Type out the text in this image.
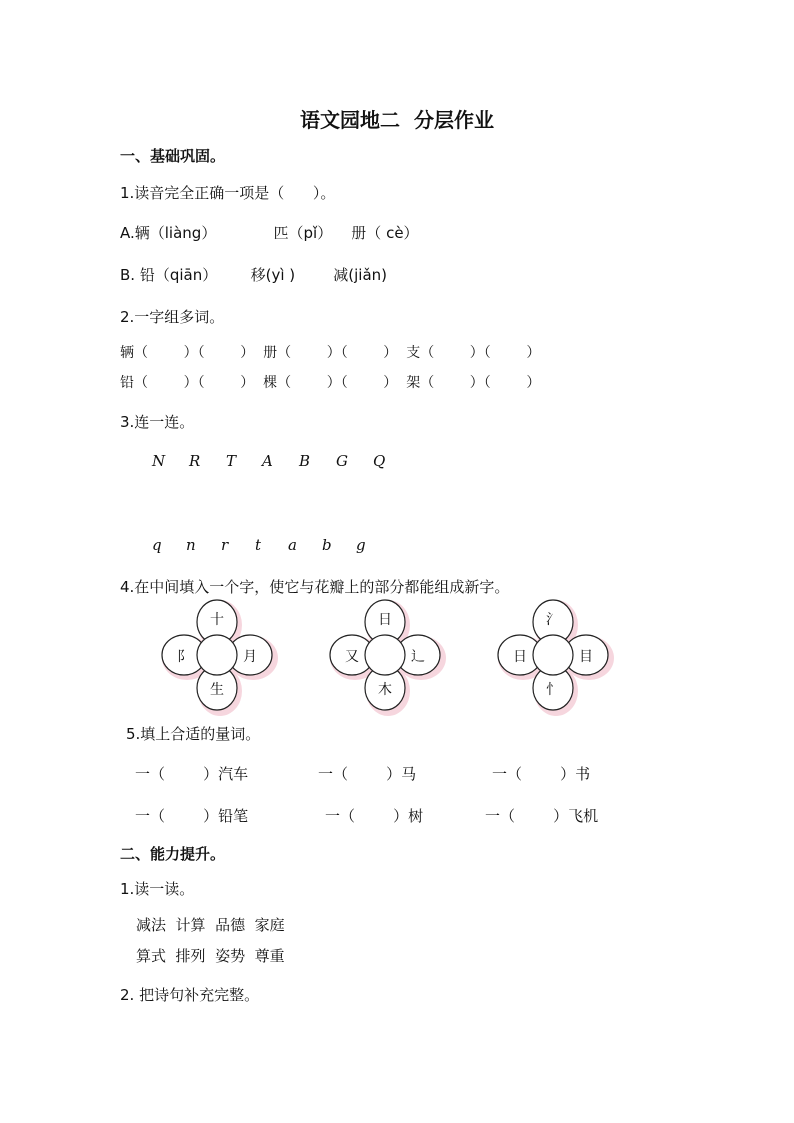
语文园地二  分层作业
一、基础巩固。
1.读音完全正确一项是（      ）。
A.辆（liàng）            匹（pǐ）    册（ cè）
B. 铅（qiān）       移(yì )        减(jiǎn)
2.一字组多词。
辆（        ）（        ）  册（        ）（        ）  支（        ）（        ）
铅（        ）（        ）  棵（        ）（        ）  架（        ）（        ）
3.连一连。
N R T A B G Q
q n r t a b g
4.在中间填入一个字，使它与花瓣上的部分都能组成新字。
十
阝	月
生
日
又	辶
木
氵
日	目
忄
5.填上合适的量词。
一（        ）汽车	一（        ）马	一（        ）书
一（        ）铅笔	一（        ）树	一（        ）飞机
二、能力提升。
1.读一读。
减法  计算  品德  家庭
算式  排列  姿势  尊重
2. 把诗句补充完整。
